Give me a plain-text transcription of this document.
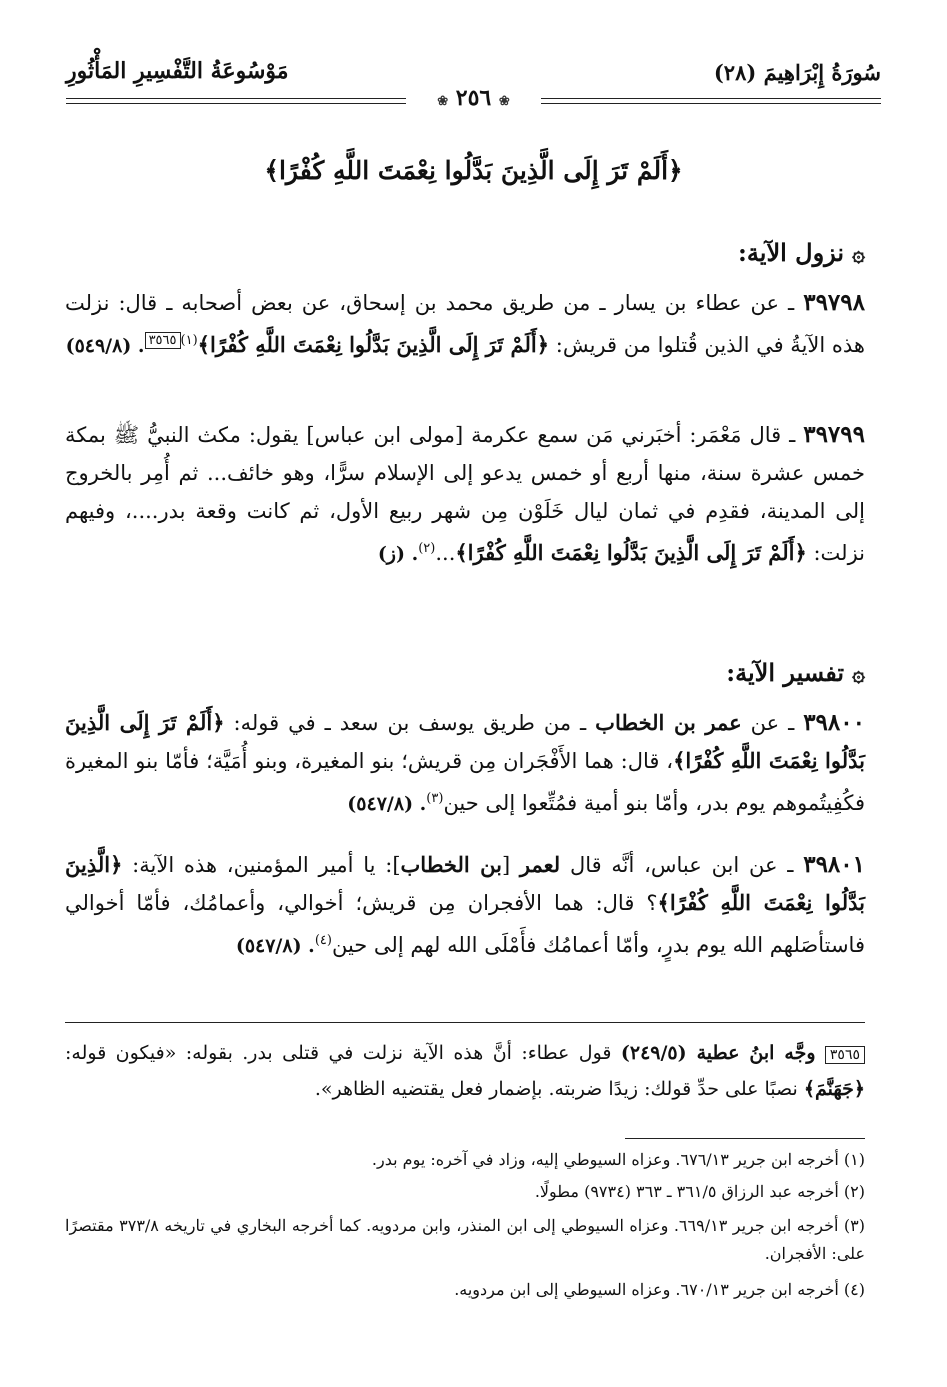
سُورَةُ إِبْرَاهِيمَ (٢٨)
مَوْسُوعَةُ التَّفْسِيرِ المَأْثُورِ
❀ ٢٥٦ ❀
﴿أَلَمْ تَرَ إِلَى الَّذِينَ بَدَّلُوا نِعْمَتَ اللَّهِ كُفْرًا﴾
۞نزول الآية:
٣٩٧٩٨ ـ عن عطاء بن يسار ـ من طريق محمد بن إسحاق، عن بعض أصحابه ـ قال: نزلت هذه الآيةُ في الذين قُتلوا من قريش: ﴿أَلَمْ تَرَ إِلَى الَّذِينَ بَدَّلُوا نِعْمَتَ اللَّهِ كُفْرًا﴾$^{(١)٣٥٦٥}$. (٥٤٩/٨)
٣٩٧٩٩ ـ قال مَعْمَر: أخبَرني مَن سمع عكرمة [مولى ابن عباس] يقول: مكث النبيُّ ﷺ بمكة خمس عشرة سنة، منها أربع أو خمس يدعو إلى الإسلام سرًّا، وهو خائف... ثم أُمِر بالخروج إلى المدينة، فقدِم في ثمان ليال خَلَوْن مِن شهر ربيع الأول، ثم كانت وقعة بدر....، وفيهم نزلت: ﴿أَلَمْ تَرَ إِلَى الَّذِينَ بَدَّلُوا نِعْمَتَ اللَّهِ كُفْرًا﴾...$^{(٢)}$. (ز)
۞تفسير الآية:
٣٩٨٠٠ ـ عن عمر بن الخطاب ـ من طريق يوسف بن سعد ـ في قوله: ﴿أَلَمْ تَرَ إِلَى الَّذِينَ بَدَّلُوا نِعْمَتَ اللَّهِ كُفْرًا﴾، قال: هما الأَفْجَران مِن قريش؛ بنو المغيرة، وبنو أُمَيَّة؛ فأمّا بنو المغيرة فكُفِيتُموهم يوم بدر، وأمّا بنو أمية فمُتِّعوا إلى حين$^{(٣)}$. (٥٤٧/٨)
٣٩٨٠١ ـ عن ابن عباس، أنَّه قال لعمر [بن الخطاب]: يا أمير المؤمنين، هذه الآية: ﴿الَّذِينَ بَدَّلُوا نِعْمَتَ اللَّهِ كُفْرًا﴾؟ قال: هما الأفجران مِن قريش؛ أخوالي، وأعمامُك، فأمّا أخوالي فاستأصَلهم الله يوم بدرٍ، وأمّا أعمامُك فأَمْلَى الله لهم إلى حين$^{(٤)}$. (٥٤٧/٨)
٣٥٦٥ وجَّه ابنُ عطية (٢٤٩/٥) قول عطاء: أنَّ هذه الآية نزلت في قتلى بدر. بقوله: «فيكون قوله: ﴿جَهَنَّمَ﴾ نصبًا على حدِّ قولك: زيدًا ضربته. بإضمار فعل يقتضيه الظاهر».
(١) أخرجه ابن جرير ٦٧٦/١٣. وعزاه السيوطي إليه، وزاد في آخره: يوم بدر.
(٢) أخرجه عبد الرزاق ٣٦١/٥ ـ ٣٦٣ (٩٧٣٤) مطولًا.
(٣) أخرجه ابن جرير ٦٦٩/١٣. وعزاه السيوطي إلى ابن المنذر، وابن مردويه. كما أخرجه البخاري في تاريخه ٣٧٣/٨ مقتصرًا على: الأفجران.
(٤) أخرجه ابن جرير ٦٧٠/١٣. وعزاه السيوطي إلى ابن مردويه.
